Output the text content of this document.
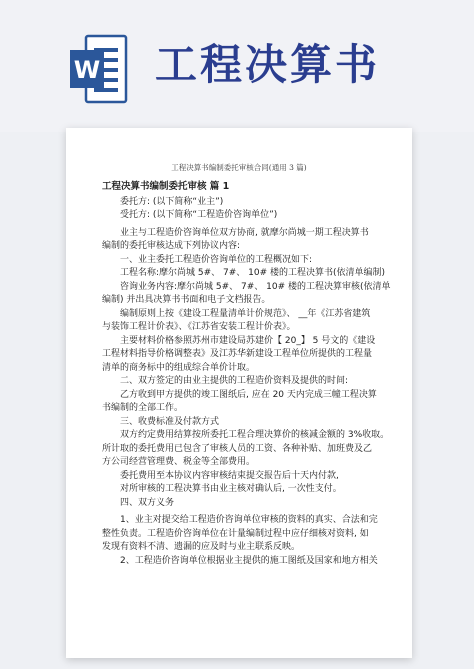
W 工程决算书
工程决算书编制委托审核合同(通用 3 篇)
工程决算书编制委托审核 篇 1
委托方: (以下简称“业主”)
受托方: (以下简称“工程造价咨询单位”)
业主与工程造价咨询单位双方协商, 就摩尔尚城一期工程决算书
编制的委托审核达成下列协议内容:
一、业主委托工程造价咨询单位的工程概况如下:
工程名称:摩尔尚城 5#、 7#、 10# 楼的工程决算书(依清单编制)
咨询业务内容:摩尔尚城 5#、 7#、 10# 楼的工程决算审核(依清单
编制) 并出具决算书书面和电子文档报告。
编制原则上按《建设工程量清单计价规范》、 __年《江苏省建筑
与装饰工程计价表》、《江苏省安装工程计价表》。
主要材料价格参照苏州市建设局苏建价【 20_】 5 号文的《建设
工程材料指导价格调整表》及江苏华新建设工程单位所提供的工程量
清单的商务标中的组成综合单价计取。
二、双方签定的由业主提供的工程造价资料及提供的时间:
乙方收到甲方提供的竣工图纸后, 应在 20 天内完成三幢工程决算
书编制的全部工作。
三、收费标准及付款方式
双方约定费用结算按所委托工程合理决算价的核减金额的 3%收取。
所计取的委托费用已包含了审核人员的工资、各种补贴、加班费及乙
方公司经营管理费、税金等全部费用。
委托费用至本协议内容审核结束提交报告后十天内付款,
对所审核的工程决算书由业主核对确认后, 一次性支付。
四、双方义务
1、业主对提交给工程造价咨询单位审核的资料的真实、合法和完
整性负责。工程造价咨询单位在计量编制过程中应仔细核对资料, 如
发现有资料不清、遗漏的应及时与业主联系反映。
2、工程造价咨询单位根据业主提供的施工图纸及国家和地方相关
